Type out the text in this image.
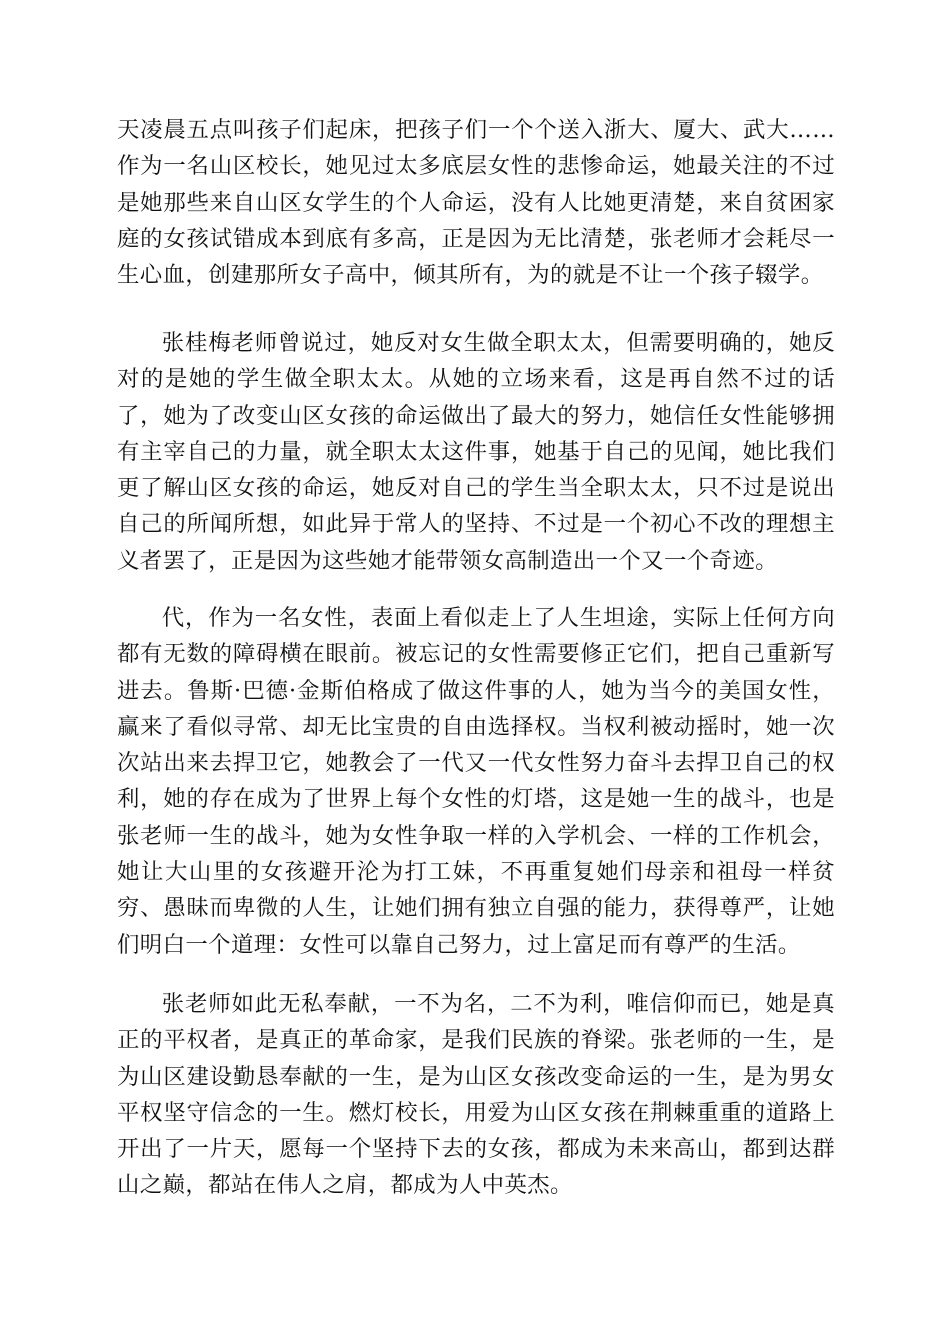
天凌晨五点叫孩子们起床，把孩子们一个个送入浙大、厦大、武大……作为一名山区校长，她见过太多底层女性的悲惨命运，她最关注的不过是她那些来自山区女学生的个人命运，没有人比她更清楚，来自贫困家庭的女孩试错成本到底有多高，正是因为无比清楚，张老师才会耗尽一生心血，创建那所女子高中，倾其所有，为的就是不让一个孩子辍学。

张桂梅老师曾说过，她反对女生做全职太太，但需要明确的，她反对的是她的学生做全职太太。从她的立场来看，这是再自然不过的话了，她为了改变山区女孩的命运做出了最大的努力，她信任女性能够拥有主宰自己的力量，就全职太太这件事，她基于自己的见闻，她比我们更了解山区女孩的命运，她反对自己的学生当全职太太，只不过是说出自己的所闻所想，如此异于常人的坚持、不过是一个初心不改的理想主义者罢了，正是因为这些她才能带领女高制造出一个又一个奇迹。

代，作为一名女性，表面上看似走上了人生坦途，实际上任何方向都有无数的障碍横在眼前。被忘记的女性需要修正它们，把自己重新写进去。鲁斯·巴德·金斯伯格成了做这件事的人，她为当今的美国女性，赢来了看似寻常、却无比宝贵的自由选择权。当权利被动摇时，她一次次站出来去捍卫它，她教会了一代又一代女性努力奋斗去捍卫自己的权利，她的存在成为了世界上每个女性的灯塔，这是她一生的战斗，也是张老师一生的战斗，她为女性争取一样的入学机会、一样的工作机会，她让大山里的女孩避开沦为打工妹，不再重复她们母亲和祖母一样贫穷、愚昧而卑微的人生，让她们拥有独立自强的能力，获得尊严，让她们明白一个道理：女性可以靠自己努力，过上富足而有尊严的生活。

张老师如此无私奉献，一不为名，二不为利，唯信仰而已，她是真正的平权者，是真正的革命家，是我们民族的脊梁。张老师的一生，是为山区建设勤恳奉献的一生，是为山区女孩改变命运的一生，是为男女平权坚守信念的一生。燃灯校长，用爱为山区女孩在荆棘重重的道路上开出了一片天，愿每一个坚持下去的女孩，都成为未来高山，都到达群山之巅，都站在伟人之肩，都成为人中英杰。
